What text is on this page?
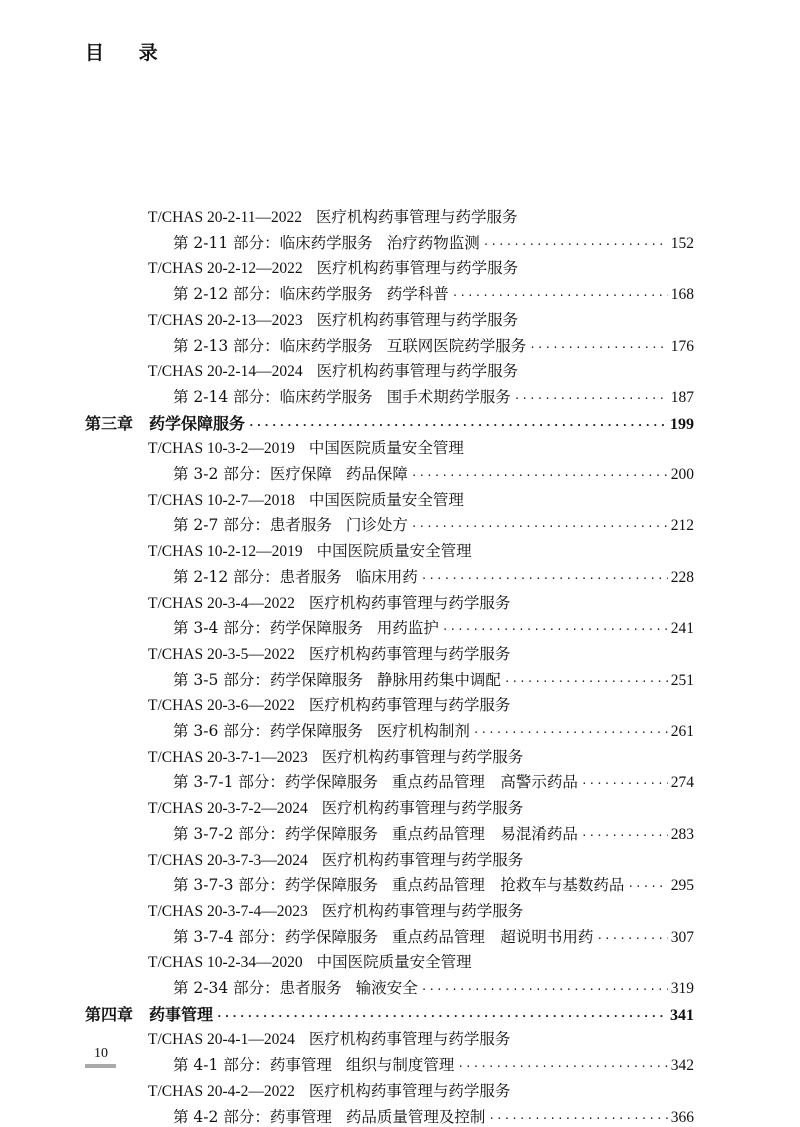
目 录
T/CHAS 20-2-11—2022 医疗机构药事管理与药学服务
第 2-11 部分：临床药学服务 治疗药物监测 ·····	152
T/CHAS 20-2-12—2022 医疗机构药事管理与药学服务
第 2-12 部分：临床药学服务 药学科普 ·····	168
T/CHAS 20-2-13—2023 医疗机构药事管理与药学服务
第 2-13 部分：临床药学服务 互联网医院药学服务 ·····	176
T/CHAS 20-2-14—2024 医疗机构药事管理与药学服务
第 2-14 部分：临床药学服务 围手术期药学服务 ·····	187
第三章 药学保障服务 ·····	199
T/CHAS 10-3-2—2019 中国医院质量安全管理
第 3-2 部分：医疗保障 药品保障 ·····	200
T/CHAS 10-2-7—2018 中国医院质量安全管理
第 2-7 部分：患者服务 门诊处方 ·····	212
T/CHAS 10-2-12—2019 中国医院质量安全管理
第 2-12 部分：患者服务 临床用药 ·····	228
T/CHAS 20-3-4—2022 医疗机构药事管理与药学服务
第 3-4 部分：药学保障服务 用药监护 ·····	241
T/CHAS 20-3-5—2022 医疗机构药事管理与药学服务
第 3-5 部分：药学保障服务 静脉用药集中调配 ·····	251
T/CHAS 20-3-6—2022 医疗机构药事管理与药学服务
第 3-6 部分：药学保障服务 医疗机构制剂 ·····	261
T/CHAS 20-3-7-1—2023 医疗机构药事管理与药学服务
第 3-7-1 部分：药学保障服务 重点药品管理　高警示药品 ·····	274
T/CHAS 20-3-7-2—2024 医疗机构药事管理与药学服务
第 3-7-2 部分：药学保障服务 重点药品管理　易混淆药品 ·····	283
T/CHAS 20-3-7-3—2024 医疗机构药事管理与药学服务
第 3-7-3 部分：药学保障服务 重点药品管理　抢救车与基数药品 ·····	295
T/CHAS 20-3-7-4—2023 医疗机构药事管理与药学服务
第 3-7-4 部分：药学保障服务 重点药品管理　超说明书用药 ·····	307
T/CHAS 10-2-34—2020 中国医院质量安全管理
第 2-34 部分：患者服务 输液安全 ·····	319
第四章 药事管理 ·····	341
T/CHAS 20-4-1—2024 医疗机构药事管理与药学服务
第 4-1 部分：药事管理 组织与制度管理 ·····	342
T/CHAS 20-4-2—2022 医疗机构药事管理与药学服务
第 4-2 部分：药事管理 药品质量管理及控制 ·····	366
10
